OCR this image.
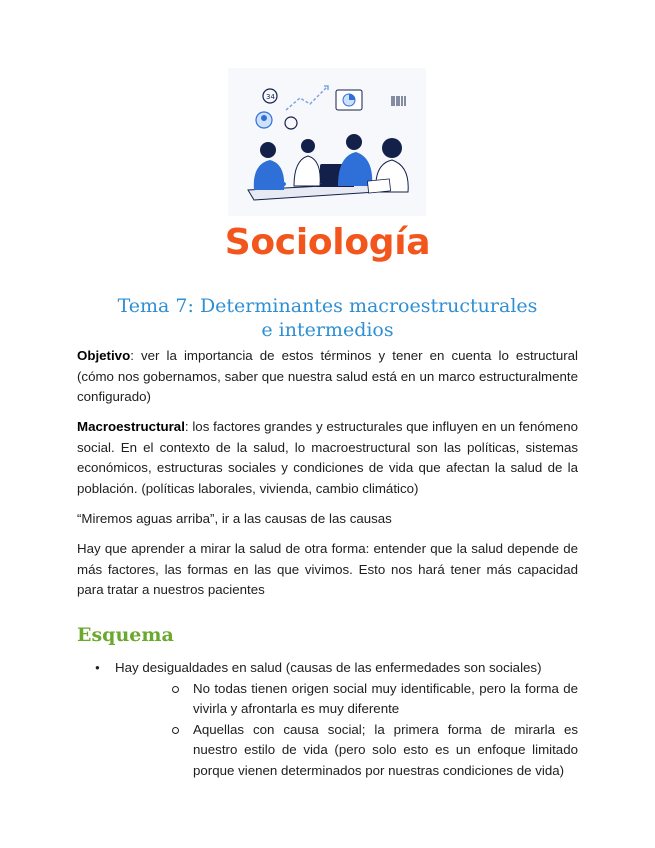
34
Sociología
Tema 7: Determinantes macroestructurales e intermedios

Objetivo: ver la importancia de estos términos y tener en cuenta lo estructural (cómo nos gobernamos, saber que nuestra salud está en un marco estructuralmente configurado)

Macroestructural: los factores grandes y estructurales que influyen en un fenómeno social. En el contexto de la salud, lo macroestructural son las políticas, sistemas económicos, estructuras sociales y condiciones de vida que afectan la salud de la población. (políticas laborales, vivienda, cambio climático)

“Miremos aguas arriba”, ir a las causas de las causas

Hay que aprender a mirar la salud de otra forma: entender que la salud depende de más factores, las formas en las que vivimos. Esto nos hará tener más capacidad para tratar a nuestros pacientes

Esquema
● Hay desigualdades en salud (causas de las enfermedades son sociales)
No todas tienen origen social muy identificable, pero la forma de vivirla y afrontarla es muy diferente
Aquellas con causa social; la primera forma de mirarla es nuestro estilo de vida (pero solo esto es un enfoque limitado porque vienen determinados por nuestras condiciones de vida)
